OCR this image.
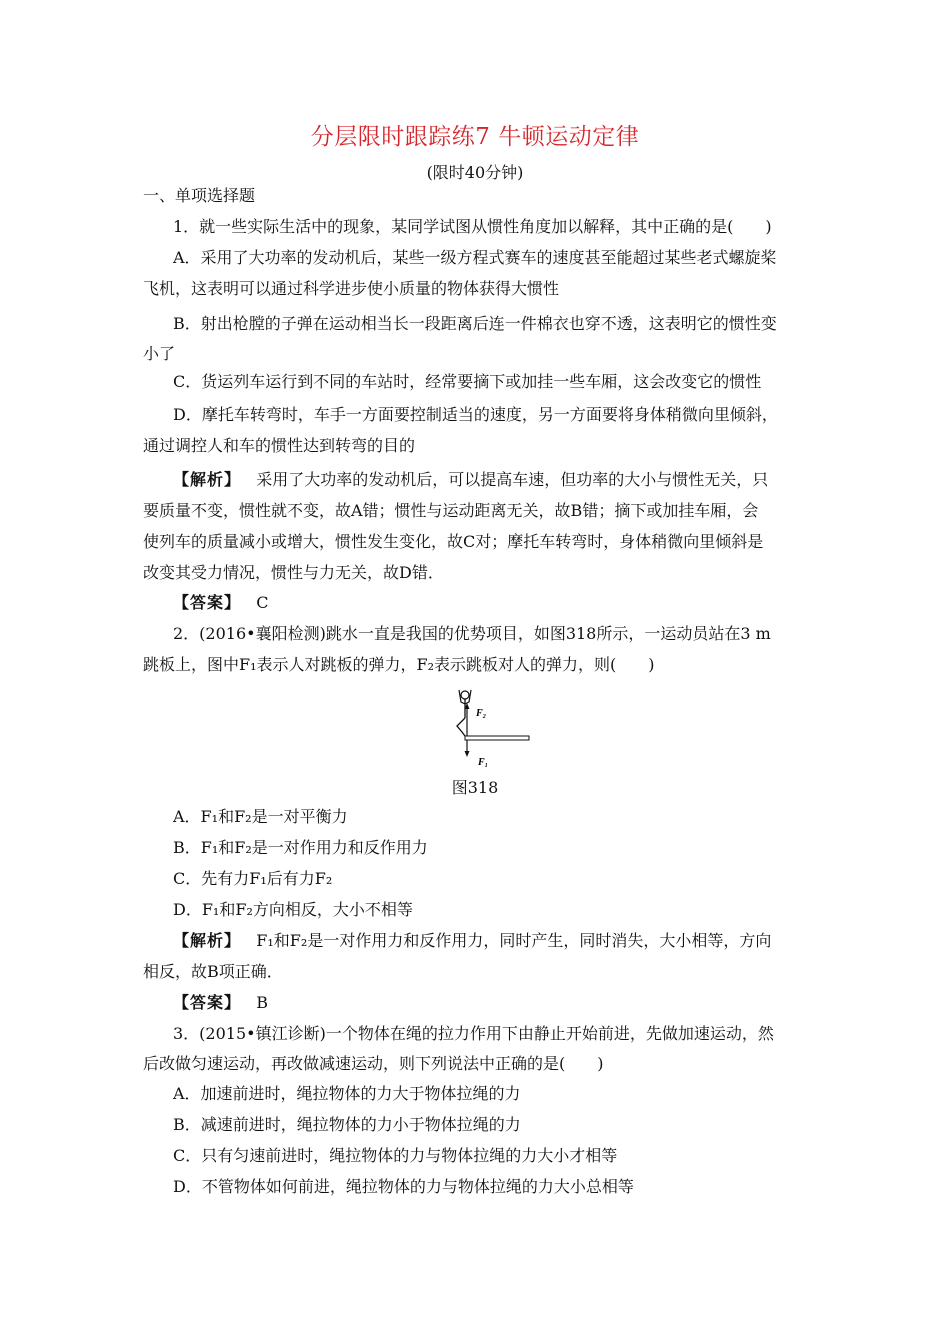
分层限时跟踪练7 牛顿运动定律
(限时40分钟)
一、单项选择题
1．就一些实际生活中的现象，某同学试图从惯性角度加以解释，其中正确的是(　　)
A．采用了大功率的发动机后，某些一级方程式赛车的速度甚至能超过某些老式螺旋桨
飞机，这表明可以通过科学进步使小质量的物体获得大惯性
B．射出枪膛的子弹在运动相当长一段距离后连一件棉衣也穿不透，这表明它的惯性变
小了
C．货运列车运行到不同的车站时，经常要摘下或加挂一些车厢，这会改变它的惯性
D．摩托车转弯时，车手一方面要控制适当的速度，另一方面要将身体稍微向里倾斜，
通过调控人和车的惯性达到转弯的目的
【解析】 采用了大功率的发动机后，可以提高车速，但功率的大小与惯性无关，只
要质量不变，惯性就不变，故A错；惯性与运动距离无关，故B错；摘下或加挂车厢，会
使列车的质量减小或增大，惯性发生变化，故C对；摩托车转弯时，身体稍微向里倾斜是
改变其受力情况，惯性与力无关，故D错．
【答案】 C
2．(2016•襄阳检测)跳水一直是我国的优势项目，如图318所示，一运动员站在3 m
跳板上，图中F₁表示人对跳板的弹力，F₂表示跳板对人的弹力，则(　　)
F₂
F₁
图318
A．F₁和F₂是一对平衡力
B．F₁和F₂是一对作用力和反作用力
C．先有力F₁后有力F₂
D．F₁和F₂方向相反，大小不相等
【解析】 F₁和F₂是一对作用力和反作用力，同时产生，同时消失，大小相等，方向
相反，故B项正确．
【答案】 B
3．(2015•镇江诊断)一个物体在绳的拉力作用下由静止开始前进，先做加速运动，然
后改做匀速运动，再改做减速运动，则下列说法中正确的是(　　)
A．加速前进时，绳拉物体的力大于物体拉绳的力
B．减速前进时，绳拉物体的力小于物体拉绳的力
C．只有匀速前进时，绳拉物体的力与物体拉绳的力大小才相等
D．不管物体如何前进，绳拉物体的力与物体拉绳的力大小总相等
